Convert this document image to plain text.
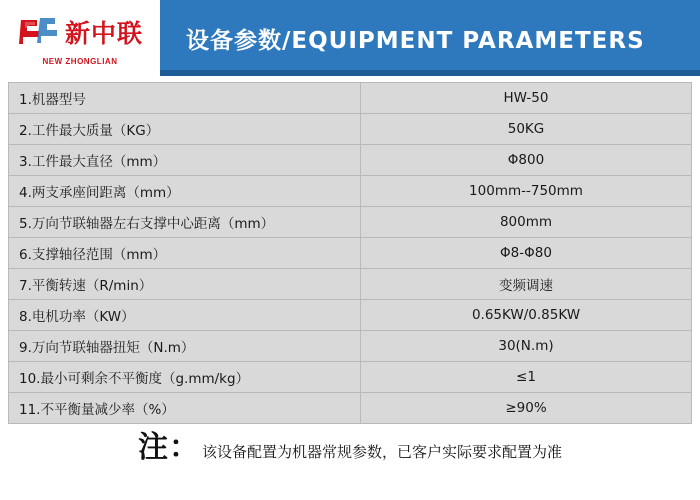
新中联
NEW ZHONGLIAN
设备参数/EQUIPMENT PARAMETERS
1.机器型号	HW-50
2.工件最大质量（KG）	50KG
3.工件最大直径（mm）	Φ800
4.两支承座间距离（mm）	100mm--750mm
5.万向节联轴器左右支撑中心距离（mm）	800mm
6.支撑轴径范围（mm）	Φ8-Φ80
7.平衡转速（R/min）	变频调速
8.电机功率（KW）	0.65KW/0.85KW
9.万向节联轴器扭矩（N.m）	30(N.m)
10.最小可剩余不平衡度（g.mm/kg）	≤1
11.不平衡量减少率（%）	≥90%
注： 该设备配置为机器常规参数，已客户实际要求配置为准
